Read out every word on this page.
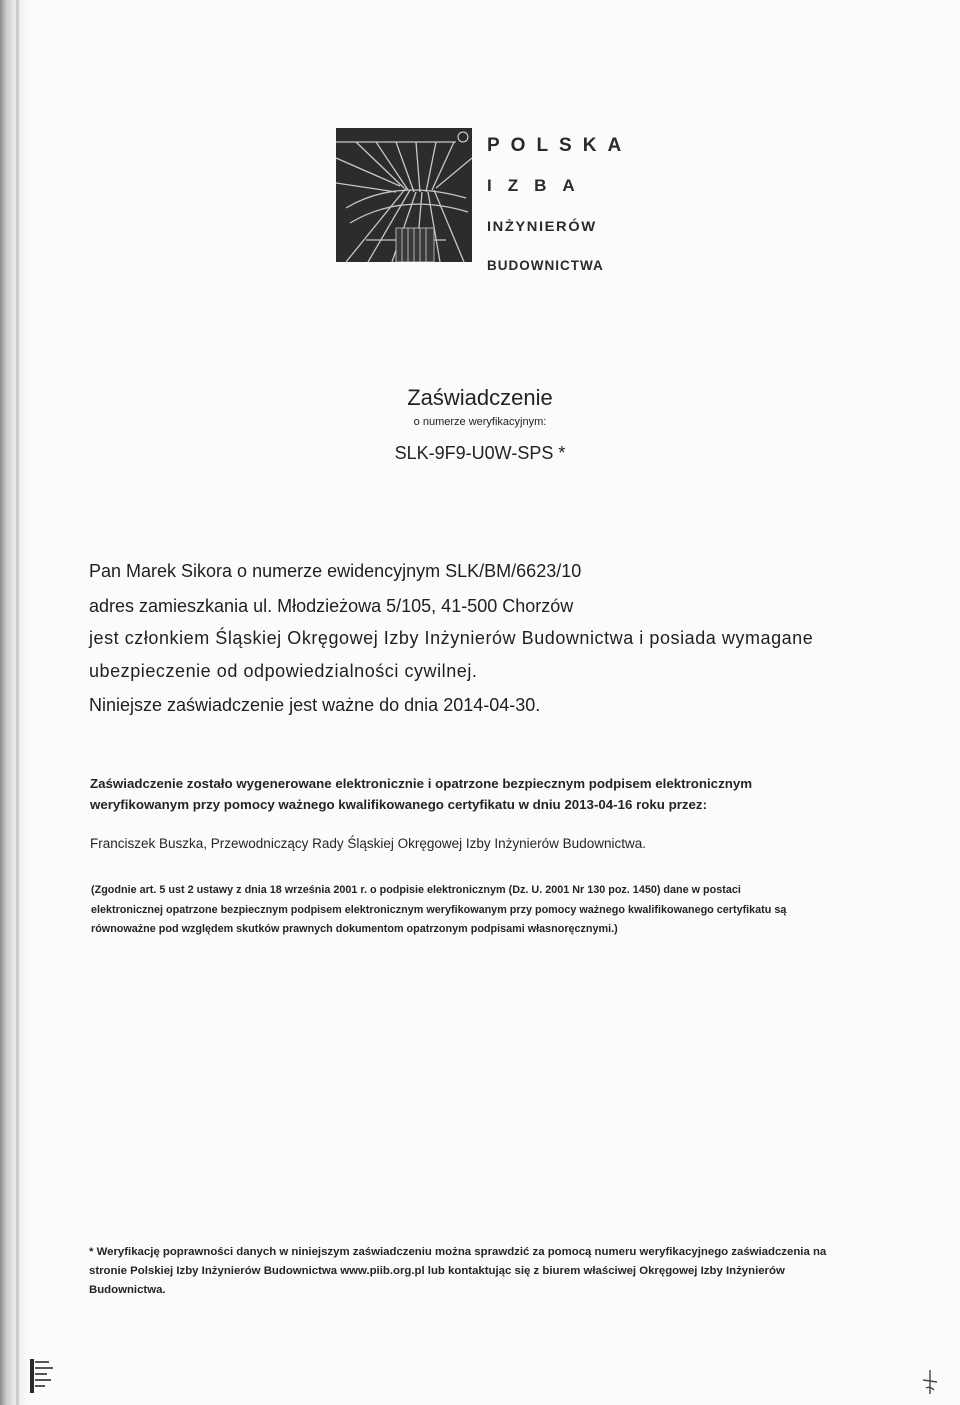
POLSKA
IZBA
INŻYNIERÓW
BUDOWNICTWA
Zaświadczenie
o numerze weryfikacyjnym:
SLK-9F9-U0W-SPS *
Pan Marek Sikora o numerze ewidencyjnym SLK/BM/6623/10
adres zamieszkania ul. Młodzieżowa 5/105, 41-500 Chorzów
jest członkiem Śląskiej Okręgowej Izby Inżynierów Budownictwa i posiada wymagane
ubezpieczenie od odpowiedzialności cywilnej.
Niniejsze zaświadczenie jest ważne do dnia 2014-04-30.
Zaświadczenie zostało wygenerowane elektronicznie i opatrzone bezpiecznym podpisem elektronicznym
weryfikowanym przy pomocy ważnego kwalifikowanego certyfikatu w dniu 2013-04-16 roku przez:
Franciszek Buszka, Przewodniczący Rady Śląskiej Okręgowej Izby Inżynierów Budownictwa.
(Zgodnie art. 5 ust 2 ustawy z dnia 18 września 2001 r. o podpisie elektronicznym (Dz. U. 2001 Nr 130 poz. 1450) dane w postaci
elektronicznej opatrzone bezpiecznym podpisem elektronicznym weryfikowanym przy pomocy ważnego kwalifikowanego certyfikatu są
równoważne pod względem skutków prawnych dokumentom opatrzonym podpisami własnoręcznymi.)
* Weryfikację poprawności danych w niniejszym zaświadczeniu można sprawdzić za pomocą numeru weryfikacyjnego zaświadczenia na
stronie Polskiej Izby Inżynierów Budownictwa www.piib.org.pl lub kontaktując się z biurem właściwej Okręgowej Izby Inżynierów
Budownictwa.
